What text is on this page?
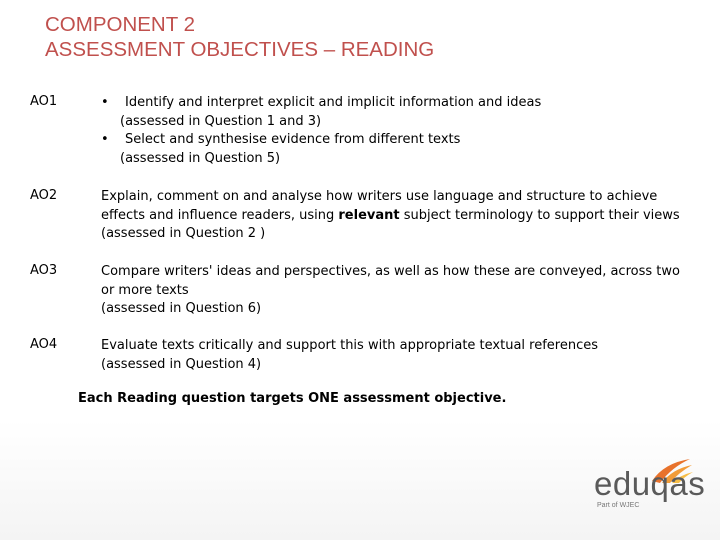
COMPONENT 2
ASSESSMENT OBJECTIVES – READING
AO1	• Identify and interpret explicit and implicit information and ideas
(assessed in Question 1 and 3)
• Select and synthesise evidence from different texts
(assessed in Question 5)
AO2	Explain, comment on and analyse how writers use language and structure to achieve
effects and influence readers, using relevant subject terminology to support their views
(assessed in Question 2 )
AO3	Compare writers' ideas and perspectives, as well as how these are conveyed, across two
or more texts
(assessed in Question 6)
AO4	Evaluate texts critically and support this with appropriate textual references
(assessed in Question 4)
Each Reading question targets ONE assessment objective.
eduqas
Part of WJEC
